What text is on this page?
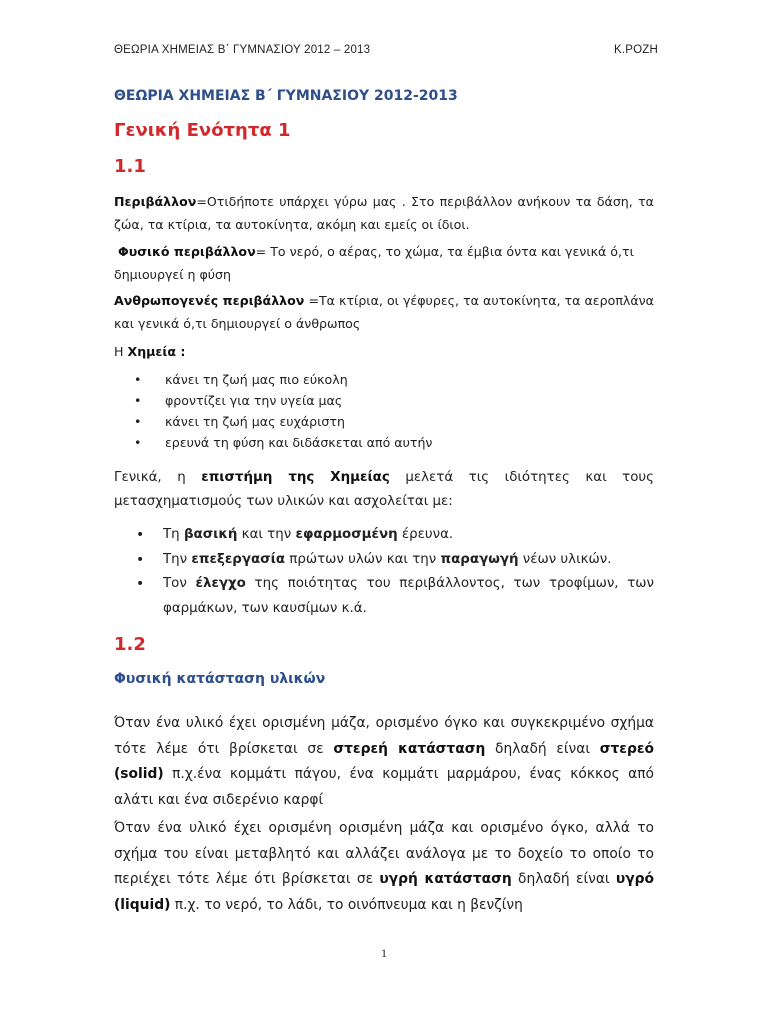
ΘΕΩΡΙΑ ΧΗΜΕΙΑΣ Β΄ ΓΥΜΝΑΣΙΟΥ 2012 – 2013	Κ.ΡΟΖΗ
ΘΕΩΡΙΑ ΧΗΜΕΙΑΣ Β΄ ΓΥΜΝΑΣΙΟΥ 2012-2013
Γενική Ενότητα 1
1.1
Περιβάλλον=Οτιδήποτε υπάρχει γύρω μας . Στο περιβάλλον ανήκουν τα δάση, τα ζώα, τα κτίρια, τα αυτοκίνητα, ακόμη και εμείς οι ίδιοι.
Φυσικό περιβάλλον= Το νερό, ο αέρας, το χώμα, τα έμβια όντα και γενικά ό,τι δημιουργεί η φύση
Ανθρωπογενές περιβάλλον =Τα κτίρια, οι γέφυρες, τα αυτοκίνητα, τα αεροπλάνα και γενικά ό,τι δημιουργεί ο άνθρωπος
Η Χημεία :
• κάνει τη ζωή μας πιο εύκολη
• φροντίζει για την υγεία μας
• κάνει τη ζωή μας ευχάριστη
• ερευνά τη φύση και διδάσκεται από αυτήν
Γενικά, η επιστήμη της Χημείας μελετά τις ιδιότητες και τους μετασχηματισμούς των υλικών και ασχολείται με:
• Τη βασική και την εφαρμοσμένη έρευνα.
• Την επεξεργασία πρώτων υλών και την παραγωγή νέων υλικών.
• Τον έλεγχο της ποιότητας του περιβάλλοντος, των τροφίμων, των φαρμάκων, των καυσίμων κ.ά.
1.2
Φυσική κατάσταση υλικών
Όταν ένα υλικό έχει ορισμένη μάζα, ορισμένο όγκο και συγκεκριμένο σχήμα τότε λέμε ότι βρίσκεται σε στερεή κατάσταση δηλαδή είναι στερεό (solid) π.χ.ένα κομμάτι πάγου, ένα κομμάτι μαρμάρου, ένας κόκκος από αλάτι και ένα σιδερένιο καρφί
Όταν ένα υλικό έχει ορισμένη ορισμένη μάζα και ορισμένο όγκο, αλλά το σχήμα του είναι μεταβλητό και αλλάζει ανάλογα με το δοχείο το οποίο το περιέχει τότε λέμε ότι βρίσκεται σε υγρή κατάσταση δηλαδή είναι υγρό (liquid) π.χ. το νερό, το λάδι, το οινόπνευμα και η βενζίνη
1
